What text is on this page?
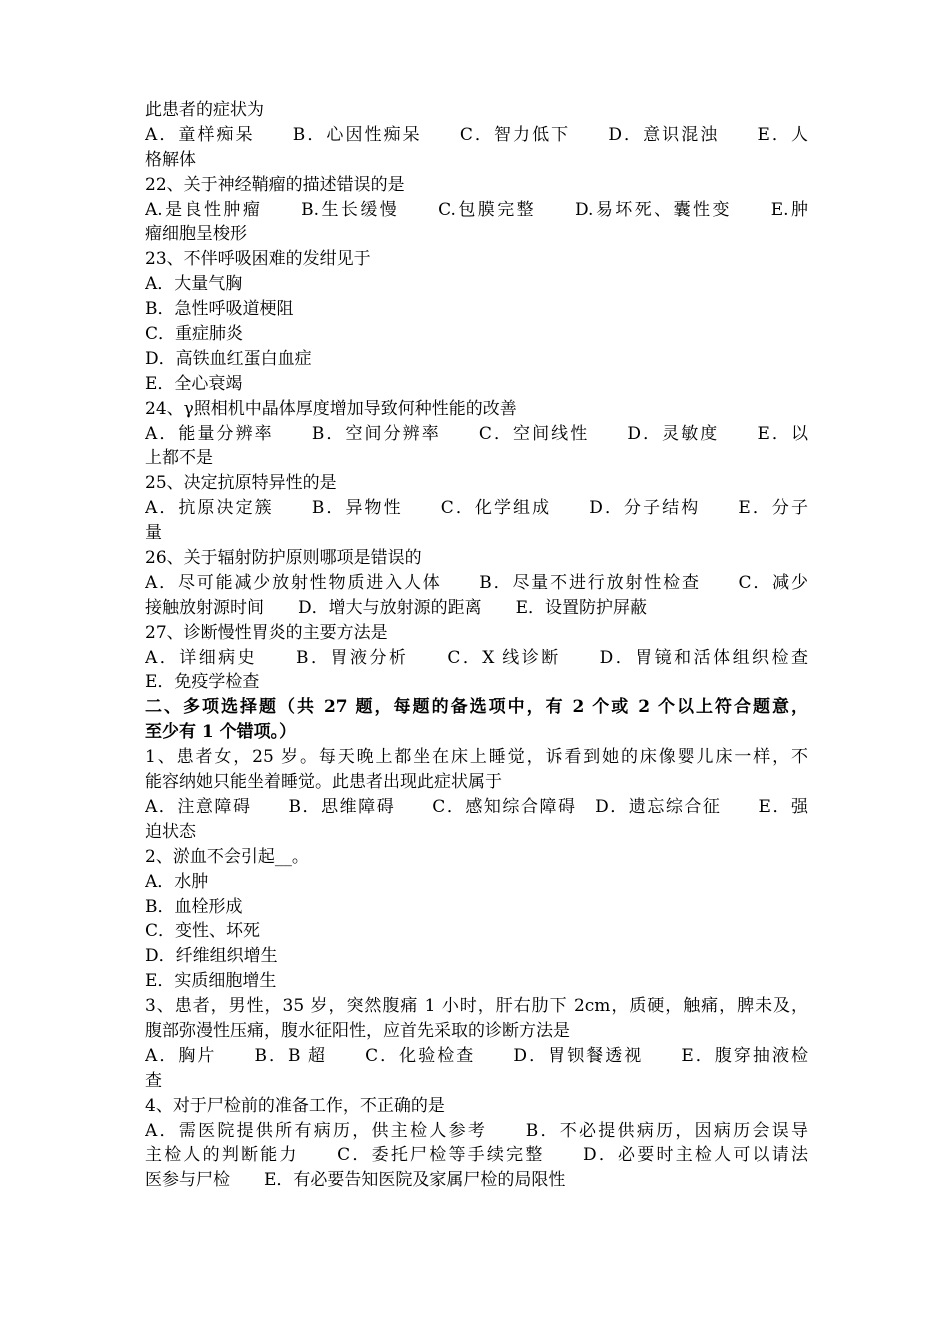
此患者的症状为
A．童样痴呆　　B．心因性痴呆　　C．智力低下　　D．意识混浊　　E．人
格解体
22、关于神经鞘瘤的描述错误的是
A.是良性肿瘤　　B.生长缓慢　　C.包膜完整　　D.易坏死、囊性变　　E.肿
瘤细胞呈梭形
23、不伴呼吸困难的发绀见于
A．大量气胸
B．急性呼吸道梗阻
C．重症肺炎
D．高铁血红蛋白血症
E．全心衰竭
24、γ照相机中晶体厚度增加导致何种性能的改善
A．能量分辨率　　B．空间分辨率　　C．空间线性　　D．灵敏度　　E．以
上都不是
25、决定抗原特异性的是
A．抗原决定簇　　B．异物性　　C．化学组成　　D．分子结构　　E．分子
量
26、关于辐射防护原则哪项是错误的
A．尽可能减少放射性物质进入人体　　B．尽量不进行放射性检查　　C．减少
接触放射源时间　　D．增大与放射源的距离　　E．设置防护屏蔽
27、诊断慢性胃炎的主要方法是
A．详细病史　　B．胃液分析　　C．X 线诊断　　D．胃镜和活体组织检查
E．免疫学检查
二、多项选择题（共 27 题，每题的备选项中，有 2 个或 2 个以上符合题意，
至少有 1 个错项。）
1、患者女，25 岁。每天晚上都坐在床上睡觉，诉看到她的床像婴儿床一样，不
能容纳她只能坐着睡觉。此患者出现此症状属于
A．注意障碍　　B．思维障碍　　C．感知综合障碍　D．遗忘综合征　　E．强
迫状态
2、淤血不会引起__。
A．水肿
B．血栓形成
C．变性、坏死
D．纤维组织增生
E．实质细胞增生
3、患者，男性，35 岁，突然腹痛 1 小时，肝右肋下 2cm，质硬，触痛，脾未及，
腹部弥漫性压痛，腹水征阳性，应首先采取的诊断方法是
A．胸片　　B．B 超　　C．化验检查　　D．胃钡餐透视　　E．腹穿抽液检
查
4、对于尸检前的准备工作，不正确的是
A．需医院提供所有病历，供主检人参考　　B．不必提供病历，因病历会误导
主检人的判断能力　　C．委托尸检等手续完整　　D．必要时主检人可以请法
医参与尸检　　E．有必要告知医院及家属尸检的局限性
